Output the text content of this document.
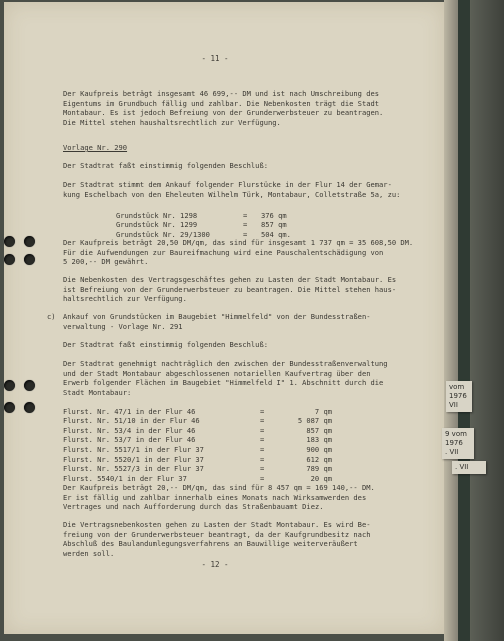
vom
1976
VII
9 vom
1976
. VII
. VII
- 11 -
Der Kaufpreis beträgt insgesamt 46 699,-- DM und ist nach Umschreibung des
Eigentums im Grundbuch fällig und zahlbar. Die Nebenkosten trägt die Stadt
Montabaur. Es ist jedoch Befreiung von der Grunderwerbsteuer zu beantragen.
Die Mittel stehen haushaltsrechtlich zur Verfügung.
Vorlage Nr. 290
Der Stadtrat faßt einstimmig folgenden Beschluß:
Der Stadtrat stimmt dem Ankauf folgender Flurstücke in der Flur 14 der Gemar-
kung Eschelbach von den Eheleuten Wilhelm Türk, Montabaur, Colletstraße 5a, zu:

Grundstück Nr. 1298	= 376 qm

Grundstück Nr. 1299	= 857 qm

Grundstück Nr. 29/1300	= 504 qm.

Der Kaufpreis beträgt 20,50 DM/qm, das sind für insgesamt 1 737 qm = 35 608,50 DM.
Für die Aufwendungen zur Baureifmachung wird eine Pauschalentschädigung von
5 200,-- DM gewährt.
Die Nebenkosten des Vertragsgeschäftes gehen zu Lasten der Stadt Montabaur. Es
ist Befreiung von der Grunderwerbsteuer zu beantragen. Die Mittel stehen haus-
haltsrechtlich zur Verfügung.
c) Ankauf von Grundstücken im Baugebiet "Himmelfeld" von der Bundesstraßen-
verwaltung - Vorlage Nr. 291
Der Stadtrat faßt einstimmig folgenden Beschluß:
Der Stadtrat genehmigt nachträglich den zwischen der Bundesstraßenverwaltung
und der Stadt Montabaur abgeschlossenen notariellen Kaufvertrag über den
Erwerb folgender Flächen im Baugebiet "Himmelfeld I" 1. Abschnitt durch die
Stadt Montabaur:

Flurst. Nr. 47/1 in der Flur 46	=	7 qm

Flurst. Nr. 51/10 in der Flur 46	=	5 087 qm

Flurst. Nr. 53/4 in der Flur 46	=	857 qm

Flurst. Nr. 53/7 in der Flur 46	=	183 qm

Flurst. Nr. 5517/1 in der Flur 37	=	900 qm

Flurst. Nr. 5520/1 in der Flur 37	=	612 qm

Flurst. Nr. 5527/3 in der Flur 37	=	789 qm

Flurst. 5540/1 in der Flur 37	=	20 qm

Der Kaufpreis beträgt 20,-- DM/qm, das sind für 8 457 qm = 169 140,-- DM.
Er ist fällig und zahlbar innerhalb eines Monats nach Wirksamwerden des
Vertrages und nach Aufforderung durch das Straßenbauamt Diez.
Die Vertragsnebenkosten gehen zu Lasten der Stadt Montabaur. Es wird Be-
freiung von der Grunderwerbsteuer beantragt, da der Kaufgrundbesitz nach
Abschluß des Baulandumlegungsverfahrens an Bauwillige weiterveräußert
werden soll.
- 12 -
